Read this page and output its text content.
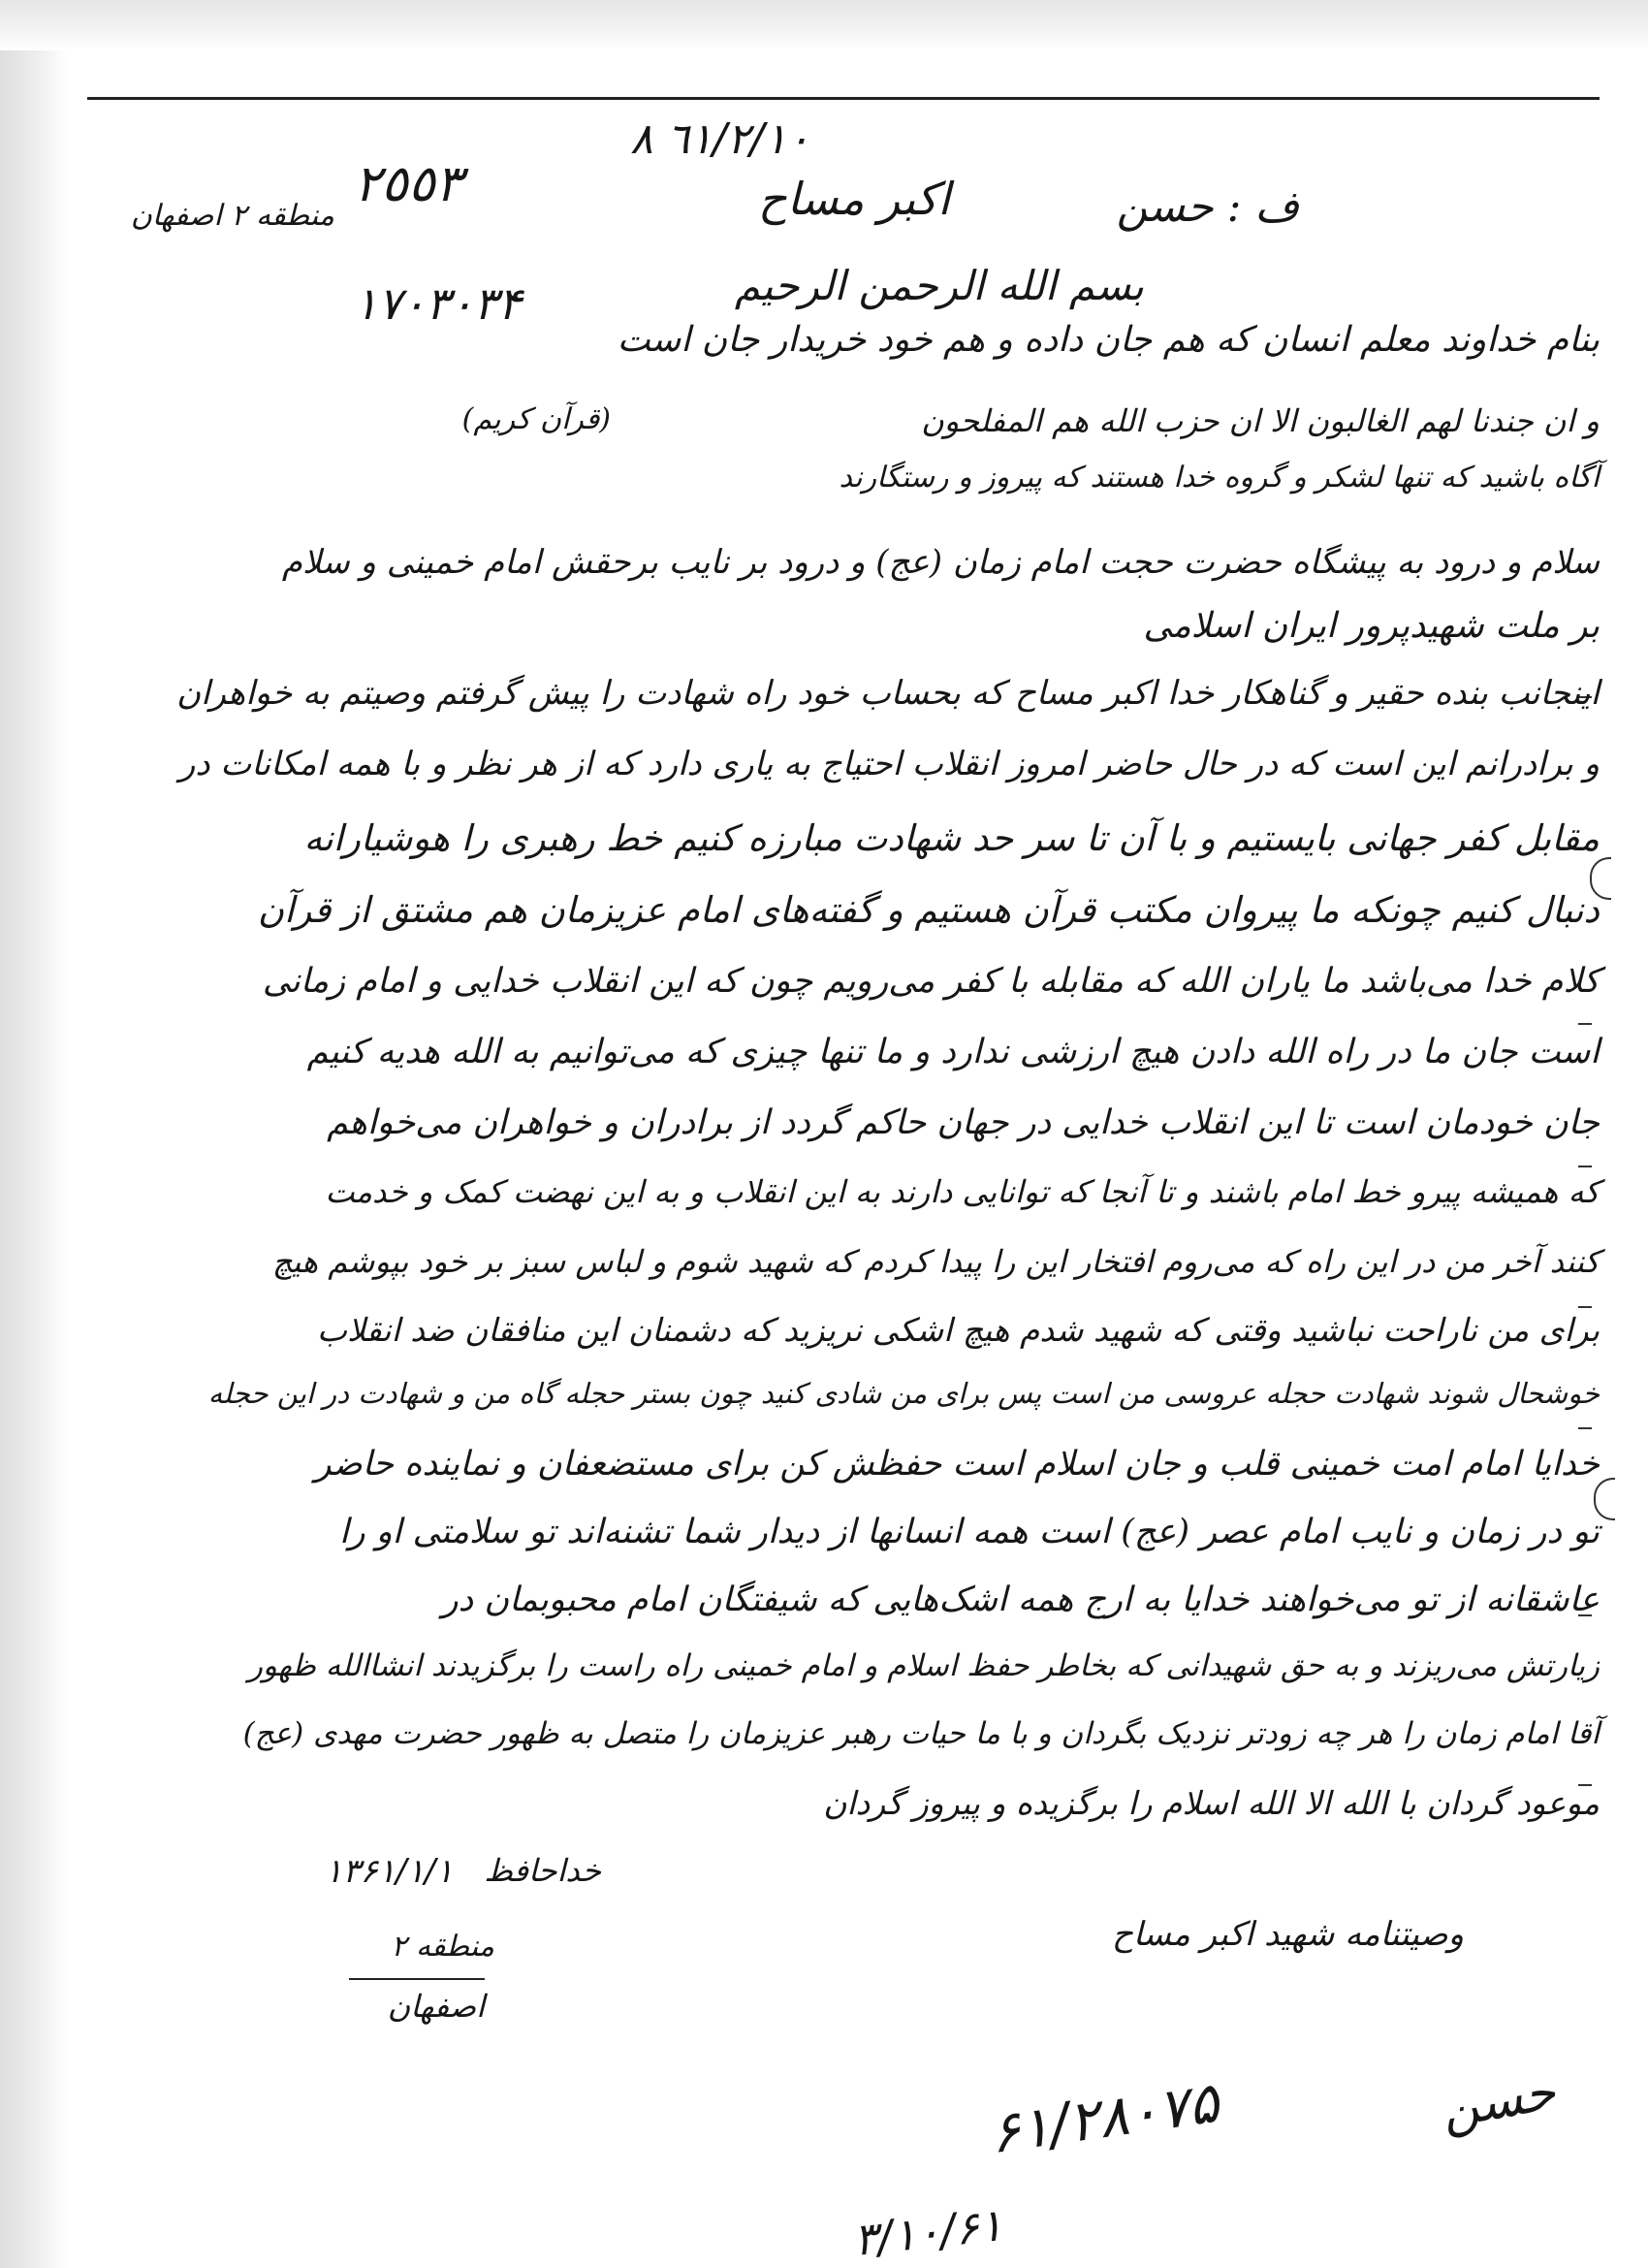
٦١/٢/١٠ ٨
اکبر مساح
٢٥٥٣
منطقه ٢ اصفهان	ف : حسن
بسم الله الرحمن الرحیم
۱۷۰۳۰۳۴
بنام خداوند معلم انسان که هم جان داده و هم خود خریدار جان است
و ان جندنا لهم الغالبون الا ان حزب الله هم المفلحون
(قرآن کریم)
آگاه باشید که تنها لشکر و گروه خدا هستند که پیروز و رستگارند
سلام و درود به پیشگاه حضرت حجت امام زمان (عج) و درود بر نایب برحقش امام خمینی و سلام
بر ملت شهیدپرور ایران اسلامی
اینجانب بنده حقیر و گناهکار خدا اکبر مساح که بحساب خود راه شهادت را پیش گرفتم وصیتم به خواهران
و برادرانم این است که در حال حاضر امروز انقلاب احتیاج به یاری دارد که از هر نظر و با همه امکانات در
مقابل کفر جهانی بایستیم و با آن تا سر حد شهادت مبارزه کنیم خط رهبری را هوشیارانه
دنبال کنیم چونکه ما پیروان مکتب قرآن هستیم و گفته‌های امام عزیزمان هم مشتق از قرآن
کلام خدا می‌باشد ما یاران الله که مقابله با کفر می‌رویم چون که این انقلاب خدایی و امام زمانی
است جان ما در راه الله دادن هیچ ارزشی ندارد و ما تنها چیزی که می‌توانیم به الله هدیه کنیم
جان خودمان است تا این انقلاب خدایی در جهان حاکم گردد از برادران و خواهران می‌خواهم
که همیشه پیرو خط امام باشند و تا آنجا که توانایی دارند به این انقلاب و به این نهضت کمک و خدمت
کنند آخر من در این راه که می‌روم افتخار این را پیدا کردم که شهید شوم و لباس سبز بر خود بپوشم هیچ
برای من ناراحت نباشید وقتی که شهید شدم هیچ اشکی نریزید که دشمنان این منافقان ضد انقلاب
خوشحال شوند شهادت حجله عروسی من است پس برای من شادی کنید چون بستر حجله گاه من و شهادت در این حجله
خدایا امام امت خمینی قلب و جان اسلام است حفظش کن برای مستضعفان و نماینده حاضر
تو در زمان و نایب امام عصر (عج) است همه انسانها از دیدار شما تشنه‌اند تو سلامتی او را
عاشقانه از تو می‌خواهند خدایا به ارج همه اشک‌هایی که شیفتگان امام محبوبمان در
زیارتش می‌ریزند و به حق شهیدانی که بخاطر حفظ اسلام و امام خمینی راه راست را برگزیدند انشاالله ظهور
آقا امام زمان را هر چه زودتر نزدیک بگردان و با ما حیات رهبر عزیزمان را متصل به ظهور حضرت مهدی (عج)
موعود گردان با الله الا الله اسلام را برگزیده و پیروز گردان
خداحافظ
۱۳۶۱/۱/۱
وصیتنامه شهید اکبر مساح
منطقه ٢
اصفهان
۶۱/۲۸۰۷۵	حسن
۳/۱۰/۶۱
